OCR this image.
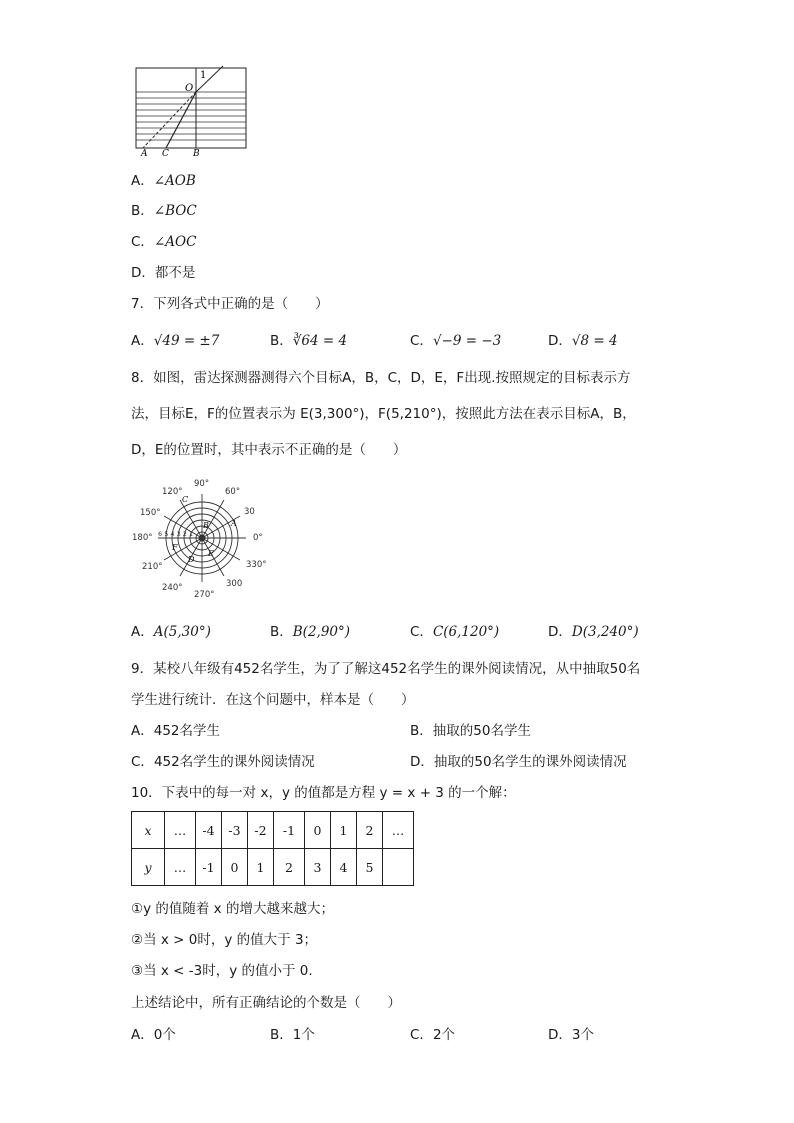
O
1
A C	B
A．∠AOB
B．∠BOC
C．∠AOC
D．都不是
7．下列各式中正确的是（　　）
A．√49 = ±7	B．∛64 = 4	C．√−9 = −3	D．√8 = 4
8．如图，雷达探测器测得六个目标A，B，C，D，E，F出现.按照规定的目标表示方
法，目标E，F的位置表示为 E(3,300°)，F(5,210°)，按照此方法在表示目标A，B，
D，E的位置时，其中表示不正确的是（　　）
90°
60°
120°
30
150°
0°
180°
330°
210°
300
240°
270°
6 5 4 3 2 1
A
B
C
D
E
F
A．A(5,30°)	B．B(2,90°)	C．C(6,120°)	D．D(3,240°)
9．某校八年级有452名学生，为了了解这452名学生的课外阅读情况，从中抽取50名
学生进行统计．在这个问题中，样本是（　　）
A．452名学生	B．抽取的50名学生
C．452名学生的课外阅读情况	D．抽取的50名学生的课外阅读情况
10．下表中的每一对 x，y 的值都是方程 y = x + 3 的一个解：
x	…	-4	-3	-2	-1	0	1	2	…
y	…	-1	0	1	2	3	4	5	
①y 的值随着 x 的增大越来越大；
②当 x > 0时，y 的值大于 3；
③当 x < -3时，y 的值小于 0.
上述结论中，所有正确结论的个数是（　　）
A．0个	B．1个	C．2个	D．3个
